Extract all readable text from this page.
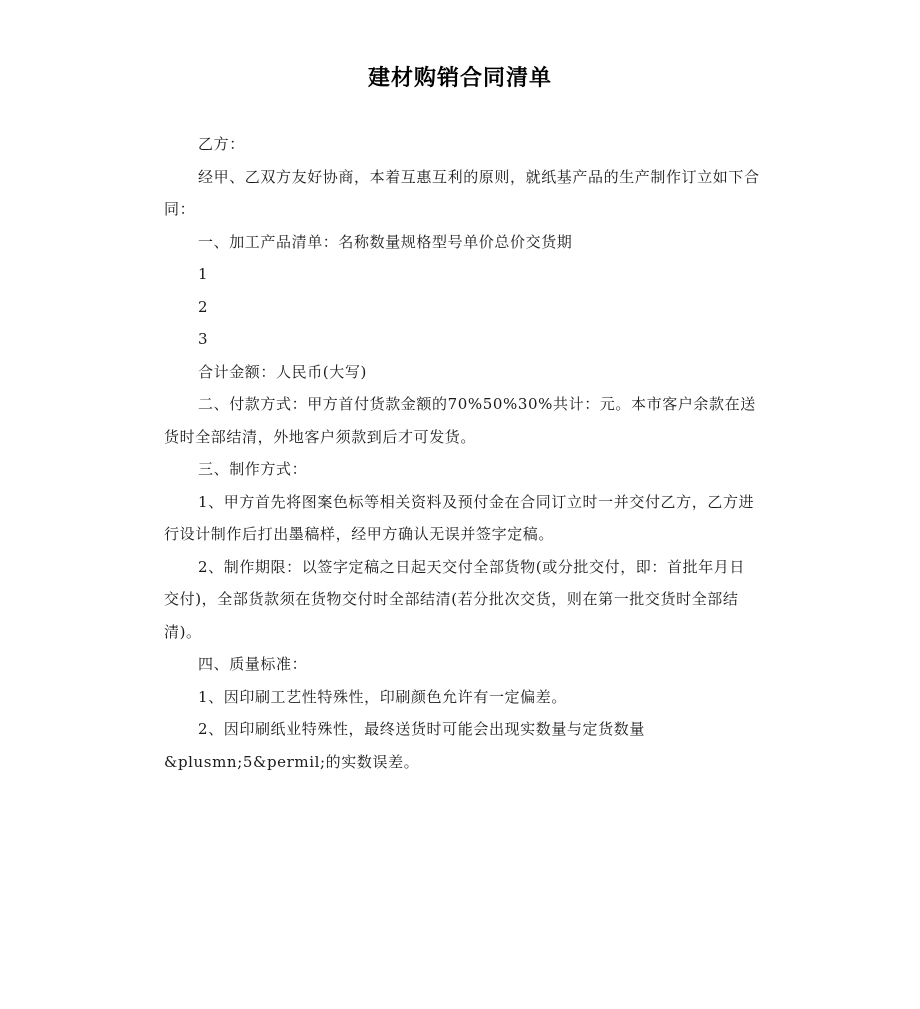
建材购销合同清单

乙方：

经甲、乙双方友好协商，本着互惠互利的原则，就纸基产品的生产制作订立如下合同：

一、加工产品清单：名称数量规格型号单价总价交货期

1

2

3

合计金额：人民币(大写)

二、付款方式：甲方首付货款金额的70%50%30%共计：元。本市客户余款在送货时全部结清，外地客户须款到后才可发货。

三、制作方式：

1、甲方首先将图案色标等相关资料及预付金在合同订立时一并交付乙方，乙方进行设计制作后打出墨稿样，经甲方确认无误并签字定稿。

2、制作期限：以签字定稿之日起天交付全部货物(或分批交付，即：首批年月日交付)，全部货款须在货物交付时全部结清(若分批次交货，则在第一批交货时全部结清)。

四、质量标准：

1、因印刷工艺性特殊性，印刷颜色允许有一定偏差。

2、因印刷纸业特殊性，最终送货时可能会出现实数量与定货数量

&plusmn;5&permil;的实数误差。
